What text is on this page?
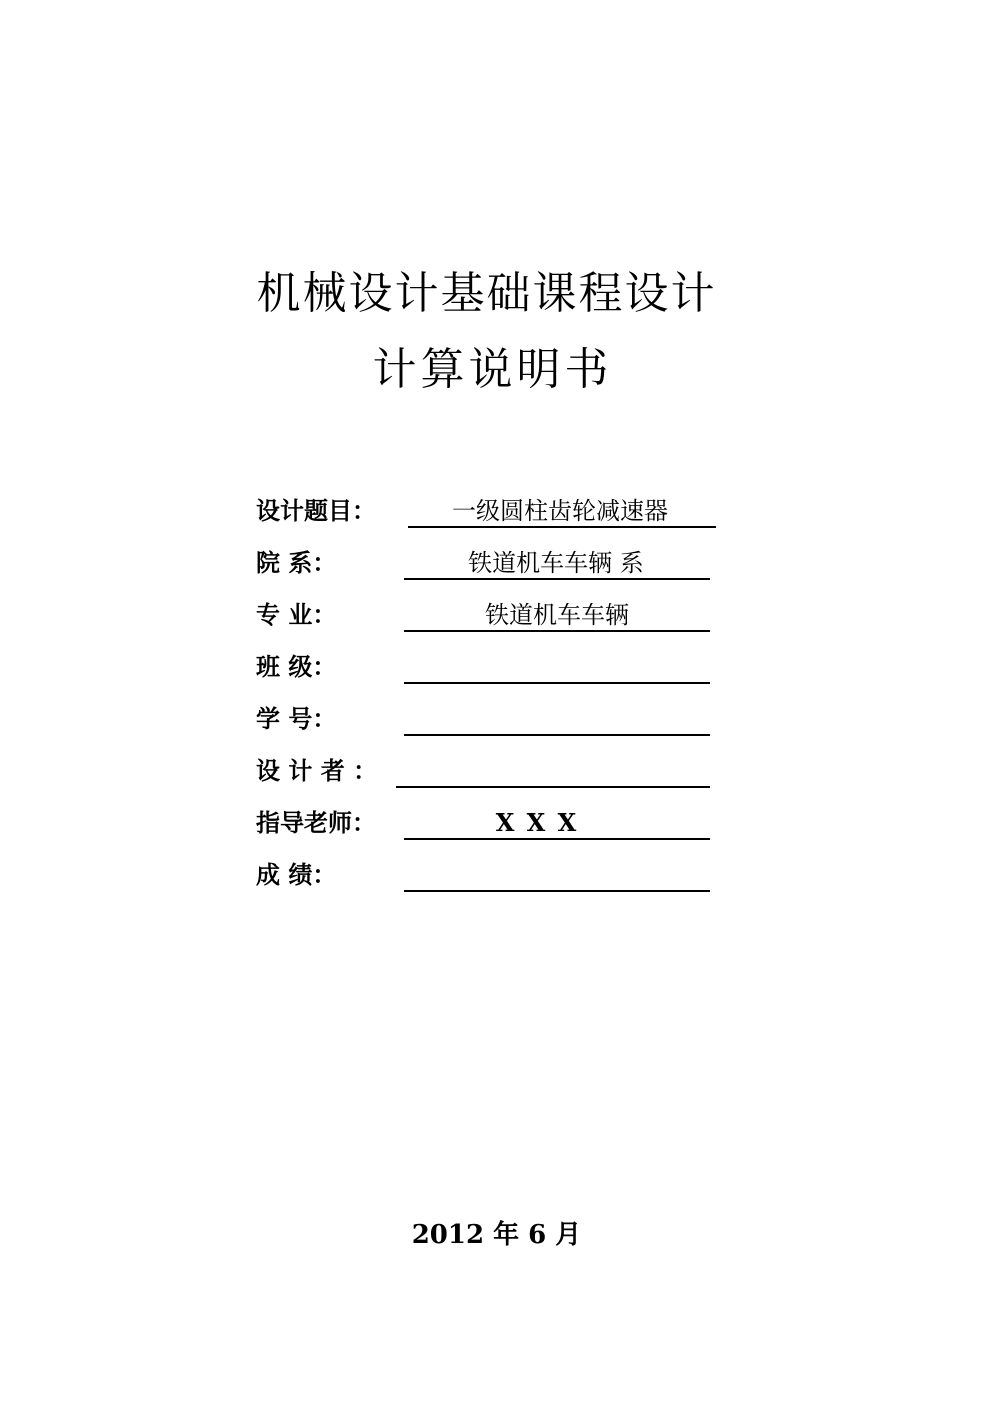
机械设计基础课程设计
计算说明书
设计题目：	一级圆柱齿轮减速器
院 系：	铁道机车车辆 系
专 业：	铁道机车车辆
班 级：
学 号：
设 计 者 ：
指导老师：	X X X
成 绩：
2012 年 6 月
